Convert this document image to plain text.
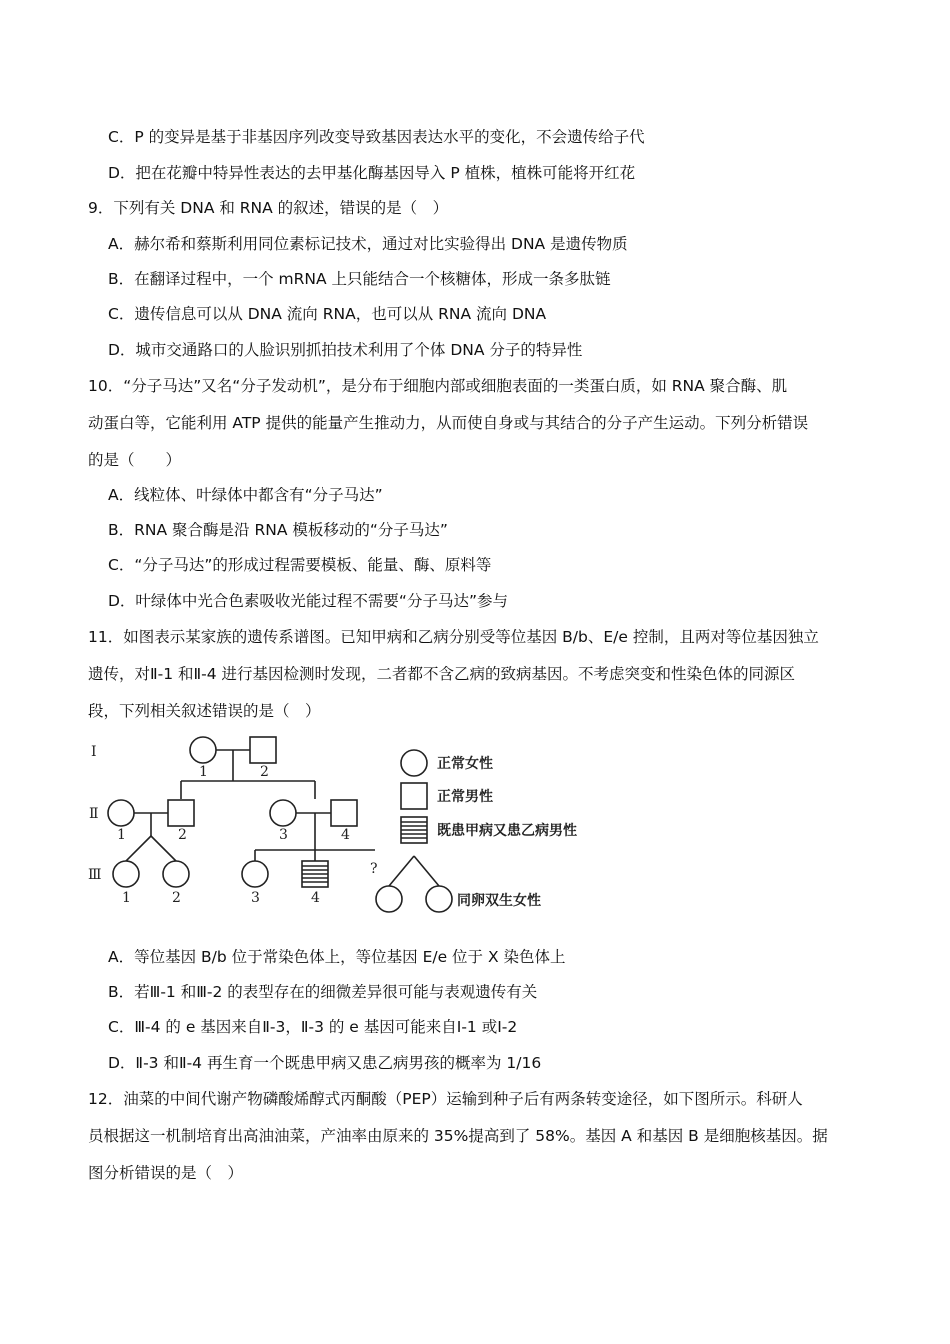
C．P 的变异是基于非基因序列改变导致基因表达水平的变化，不会遗传给子代
D．把在花瓣中特异性表达的去甲基化酶基因导入 P 植株，植株可能将开红花
9．下列有关 DNA 和 RNA 的叙述，错误的是（　）
A．赫尔希和蔡斯利用同位素标记技术，通过对比实验得出 DNA 是遗传物质
B．在翻译过程中，一个 mRNA 上只能结合一个核糖体，形成一条多肽链
C．遗传信息可以从 DNA 流向 RNA，也可以从 RNA 流向 DNA
D．城市交通路口的人脸识别抓拍技术利用了个体 DNA 分子的特异性
10．“分子马达”又名“分子发动机”，是分布于细胞内部或细胞表面的一类蛋白质，如 RNA 聚合酶、肌
动蛋白等，它能利用 ATP 提供的能量产生推动力，从而使自身或与其结合的分子产生运动。下列分析错误
的是（　　）
A．线粒体、叶绿体中都含有“分子马达”
B．RNA 聚合酶是沿 RNA 模板移动的“分子马达”
C．“分子马达”的形成过程需要模板、能量、酶、原料等
D．叶绿体中光合色素吸收光能过程不需要“分子马达”参与
11．如图表示某家族的遗传系谱图。已知甲病和乙病分别受等位基因 B/b、E/e 控制，且两对等位基因独立
遗传，对Ⅱ-1 和Ⅱ-4 进行基因检测时发现，二者都不含乙病的致病基因。不考虑突变和性染色体的同源区
段，下列相关叙述错误的是（　）
Ⅰ
Ⅱ
Ⅲ
1	2
1	2	3	4
1	2	3	4
?
正常女性
正常男性
既患甲病又患乙病男性
同卵双生女性
A．等位基因 B/b 位于常染色体上，等位基因 E/e 位于 X 染色体上
B．若Ⅲ-1 和Ⅲ-2 的表型存在的细微差异很可能与表观遗传有关
C．Ⅲ-4 的 e 基因来自Ⅱ-3，Ⅱ-3 的 e 基因可能来自Ⅰ-1 或Ⅰ-2
D．Ⅱ-3 和Ⅱ-4 再生育一个既患甲病又患乙病男孩的概率为 1/16
12．油菜的中间代谢产物磷酸烯醇式丙酮酸（PEP）运输到种子后有两条转变途径，如下图所示。科研人
员根据这一机制培育出高油油菜，产油率由原来的 35%提高到了 58%。基因 A 和基因 B 是细胞核基因。据
图分析错误的是（　）
